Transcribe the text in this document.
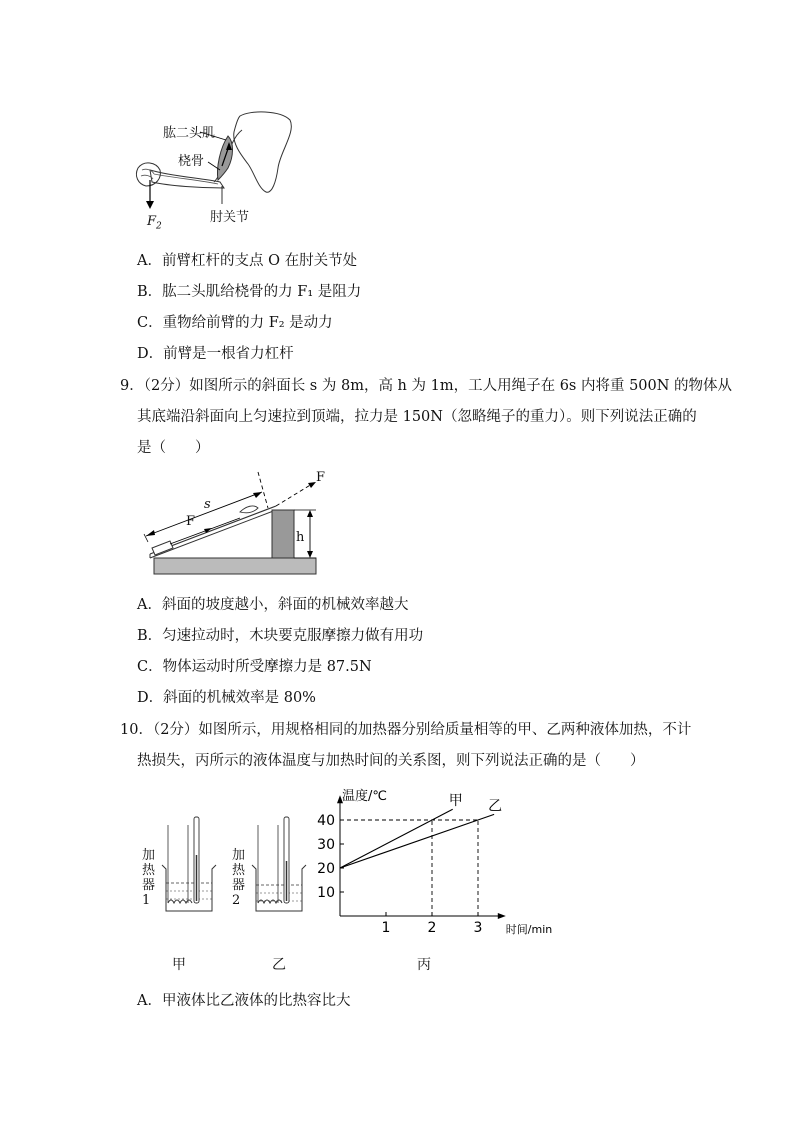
肱二头肌
桡骨
肘关节
$F_2$
A．前臂杠杆的支点 O 在肘关节处
B．肱二头肌给桡骨的力 F₁ 是阻力
C．重物给前臂的力 F₂ 是动力
D．前臂是一根省力杠杆
9．（2分）如图所示的斜面长 s 为 8m，高 h 为 1m，工人用绳子在 6s 内将重 500N 的物体从
其底端沿斜面向上匀速拉到顶端，拉力是 150N（忽略绳子的重力）。则下列说法正确的
是（　　）
s
F
F
h
A．斜面的坡度越小，斜面的机械效率越大
B．匀速拉动时，木块要克服摩擦力做有用功
C．物体运动时所受摩擦力是 87.5N
D．斜面的机械效率是 80%
10．（2分）如图所示，用规格相同的加热器分别给质量相等的甲、乙两种液体加热，不计
热损失，丙所示的液体温度与加热时间的关系图，则下列说法正确的是（　　）
加
热
器
1
加
热
器
2	10
20
30
40
1	2	3
温度/℃
时间/min
甲 乙
甲	乙	丙
A．甲液体比乙液体的比热容比大
